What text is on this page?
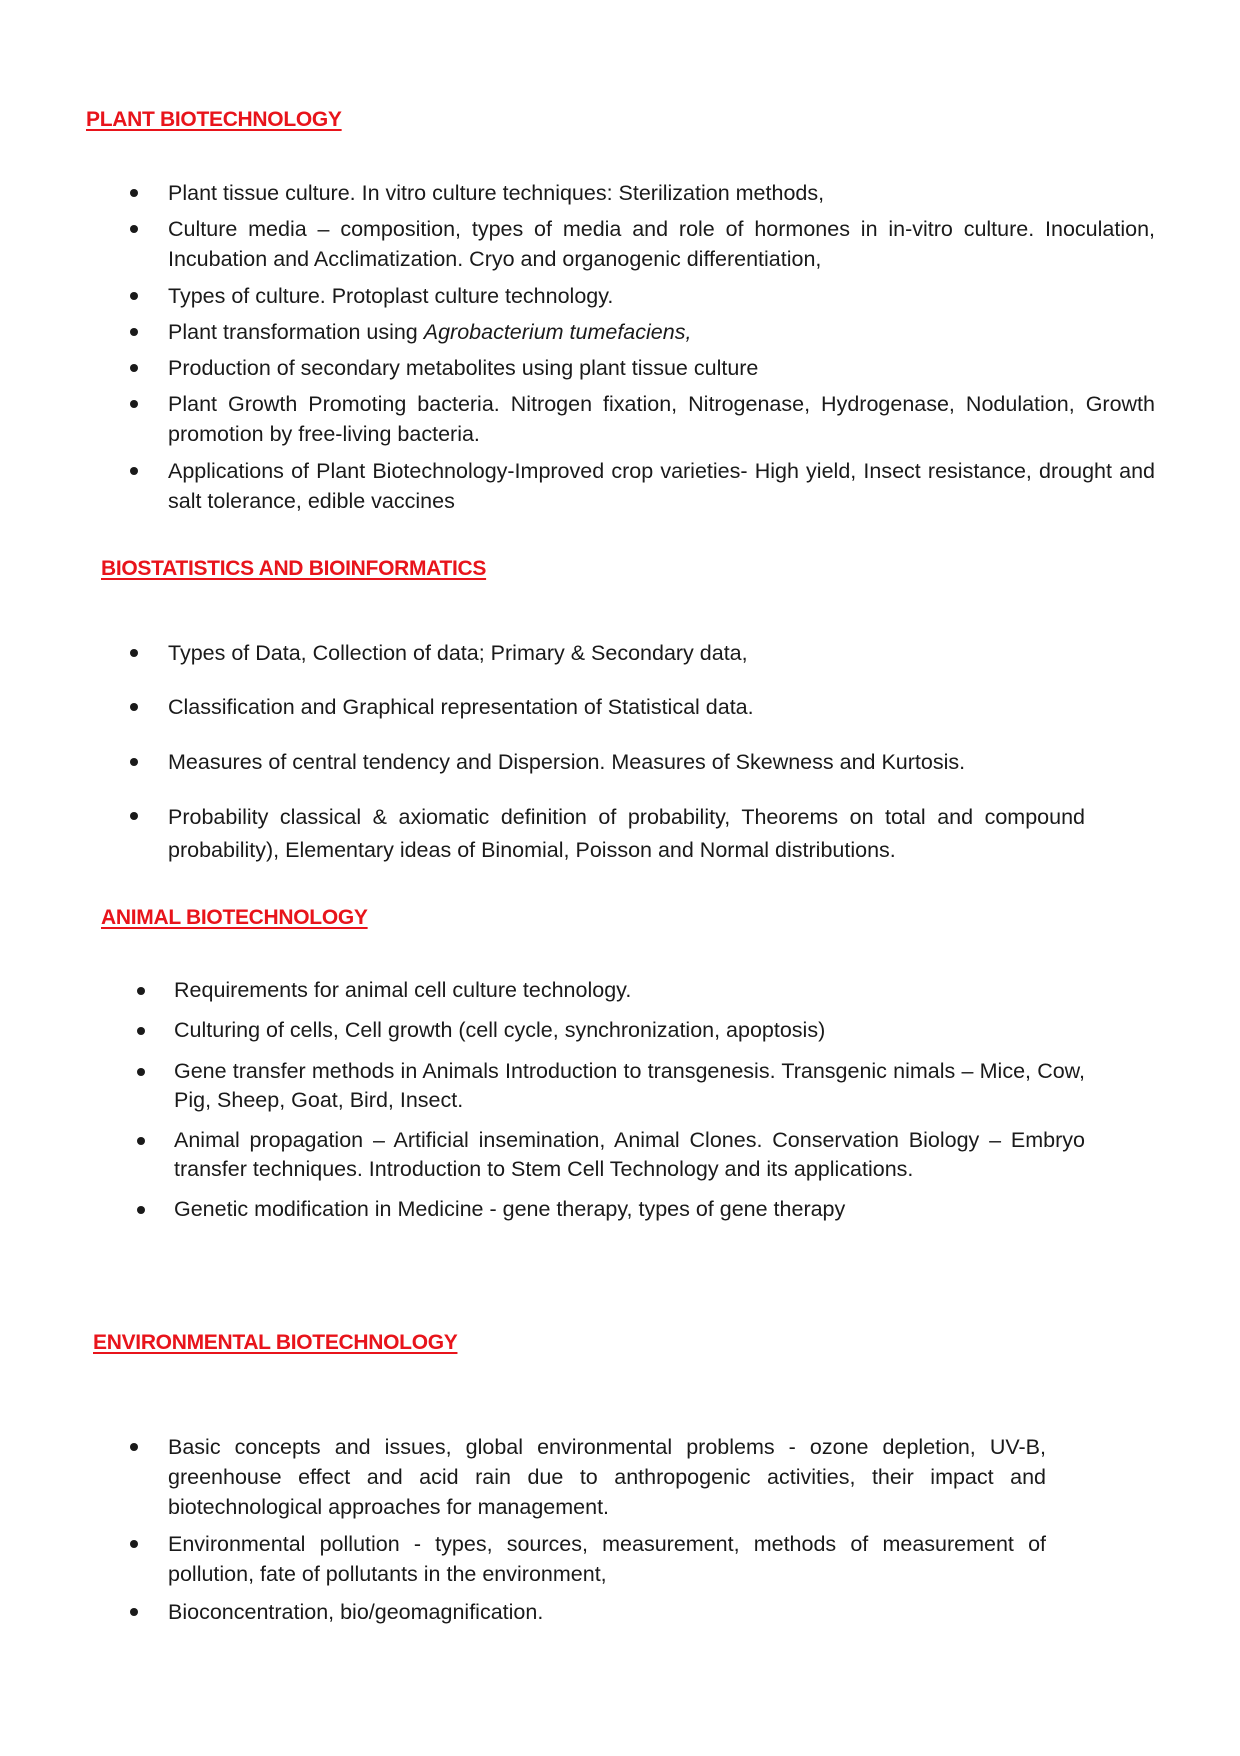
PLANT BIOTECHNOLOGY
Plant tissue culture. In vitro culture techniques: Sterilization methods,
Culture media – composition, types of media and role of hormones in in-vitro culture. Inoculation, Incubation and Acclimatization. Cryo and organogenic differentiation,
Types of culture. Protoplast culture technology.
Plant transformation using Agrobacterium tumefaciens,
Production of secondary metabolites using plant tissue culture
Plant Growth Promoting bacteria. Nitrogen fixation, Nitrogenase, Hydrogenase, Nodulation, Growth promotion by free-living bacteria.
Applications of Plant Biotechnology-Improved crop varieties- High yield, Insect resistance, drought and salt tolerance, edible vaccines
BIOSTATISTICS AND BIOINFORMATICS
Types of Data, Collection of data; Primary & Secondary data,
Classification and Graphical representation of Statistical data.
Measures of central tendency and Dispersion. Measures of Skewness and Kurtosis.
Probability classical & axiomatic definition of probability, Theorems on total and compound probability), Elementary ideas of Binomial, Poisson and Normal distributions.
ANIMAL BIOTECHNOLOGY
Requirements for animal cell culture technology.
Culturing of cells, Cell growth (cell cycle, synchronization, apoptosis)
Gene transfer methods in Animals Introduction to transgenesis. Transgenic nimals – Mice, Cow, Pig, Sheep, Goat, Bird, Insect.
Animal propagation – Artificial insemination, Animal Clones. Conservation Biology – Embryo transfer techniques. Introduction to Stem Cell Technology and its applications.
Genetic modification in Medicine - gene therapy, types of gene therapy
ENVIRONMENTAL BIOTECHNOLOGY
Basic concepts and issues, global environmental problems - ozone depletion, UV-B, greenhouse effect and acid rain due to anthropogenic activities, their impact and biotechnological approaches for management.
Environmental pollution - types, sources, measurement, methods of measurement of pollution, fate of pollutants in the environment,
Bioconcentration, bio/geomagnification.
